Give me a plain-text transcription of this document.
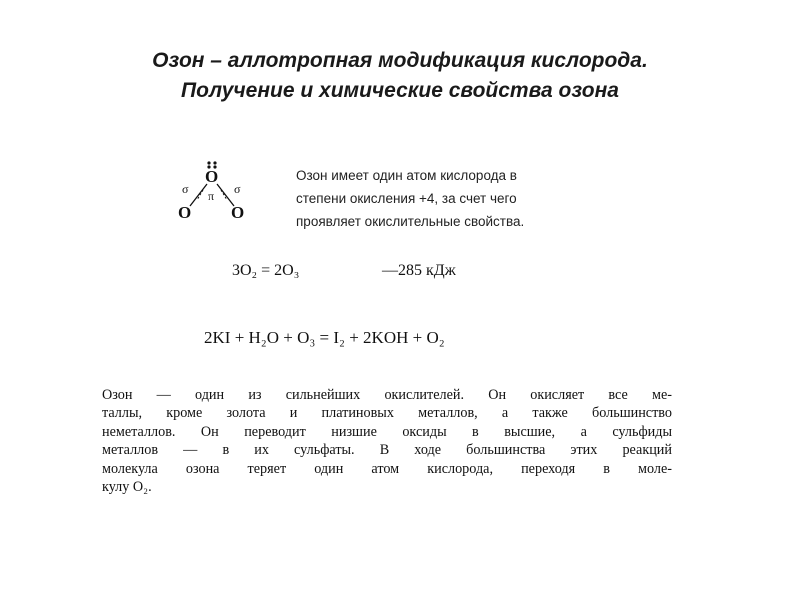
Озон – аллотропная модификация кислорода.
Получение и химические свойства озона
O
O O
σ	σ
π
Озон имеет один атом кислорода в
степени окисления +4, за счет чего
проявляет окислительные свойства.
3O₂ = 2O₃	—285 кДж
2KI + H₂O + O₃ = I₂ + 2KOH + O₂
Озон — один из сильнейших окислителей. Он окисляет все ме-
таллы, кроме золота и платиновых металлов, а также большинство
неметаллов. Он переводит низшие оксиды в высшие, а сульфиды
металлов — в их сульфаты. В ходе большинства этих реакций
молекула озона теряет один атом кислорода, переходя в моле-
кулу O₂.
